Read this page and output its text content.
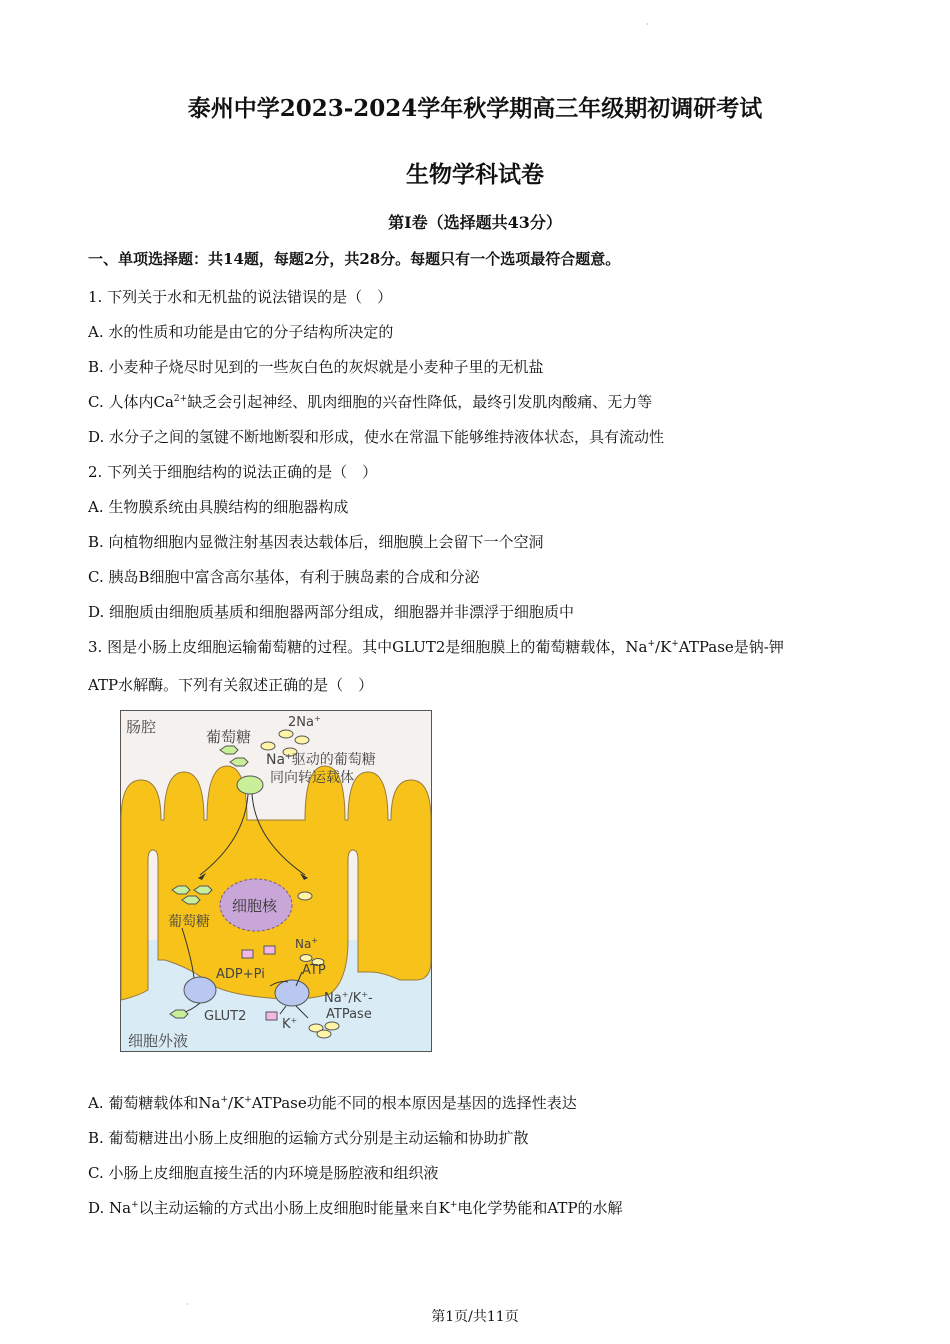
·
泰州中学2023-2024学年秋学期高三年级期初调研考试
生物学科试卷
第Ⅰ卷（选择题共43分）
一、单项选择题：共14题，每题2分，共28分。每题只有一个选项最符合题意。
1. 下列关于水和无机盐的说法错误的是（　）
A. 水的性质和功能是由它的分子结构所决定的
B. 小麦种子烧尽时见到的一些灰白色的灰烬就是小麦种子里的无机盐
C. 人体内$Ca^{2+}$缺乏会引起神经、肌肉细胞的兴奋性降低，最终引发肌肉酸痛、无力等
D. 水分子之间的氢键不断地断裂和形成，使水在常温下能够维持液体状态，具有流动性
2. 下列关于细胞结构的说法正确的是（　）
A. 生物膜系统由具膜结构的细胞器构成
B. 向植物细胞内显微注射基因表达载体后，细胞膜上会留下一个空洞
C. 胰岛B细胞中富含高尔基体，有利于胰岛素的合成和分泌
D. 细胞质由细胞质基质和细胞器两部分组成，细胞器并非漂浮于细胞质中
3. 图是小肠上皮细胞运输葡萄糖的过程。其中GLUT2是细胞膜上的葡萄糖载体，Na+/K+ATPase是钠-钾
ATP水解酶。下列有关叙述正确的是（　）
肠腔
葡萄糖
2Na+
Na+驱动的葡萄糖
同向转运载体
细胞核
葡萄糖
Na+
ADP+Pi	ATP
Na+/K+-
ATPase
GLUT2
K+
细胞外液
A. 葡萄糖载体和Na+/K+ATPase功能不同的根本原因是基因的选择性表达
B. 葡萄糖进出小肠上皮细胞的运输方式分别是主动运输和协助扩散
C. 小肠上皮细胞直接生活的内环境是肠腔液和组织液
D. Na+以主动运输的方式出小肠上皮细胞时能量来自K+电化学势能和ATP的水解
·
第1页/共11页
